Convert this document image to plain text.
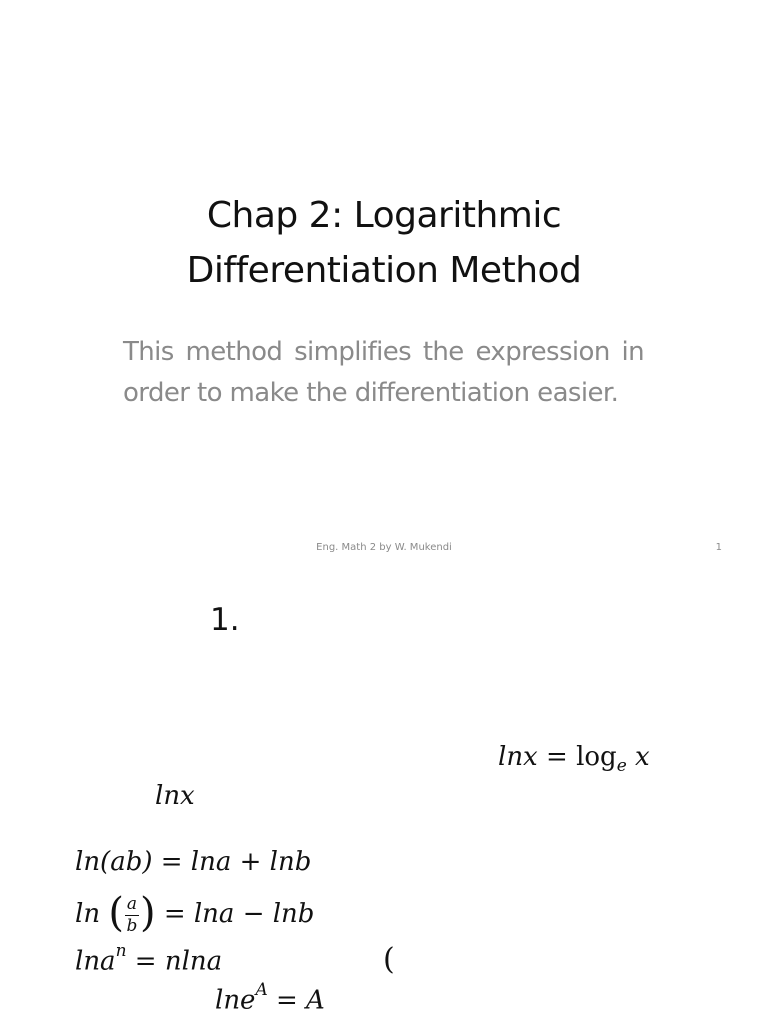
Chap 2: Logarithmic
Differentiation Method
This method simplifies the expression in order to make the differentiation easier.
Eng. Math 2 by W. Mukendi	1
1.
$\ln x = \log_e x$
lnx
ln(ab) = lna + lnb
ln ( $\frac{a}{b}$ ) = lna − lnb
lna$^n$ = nlna	(
lne$^A$ = A
